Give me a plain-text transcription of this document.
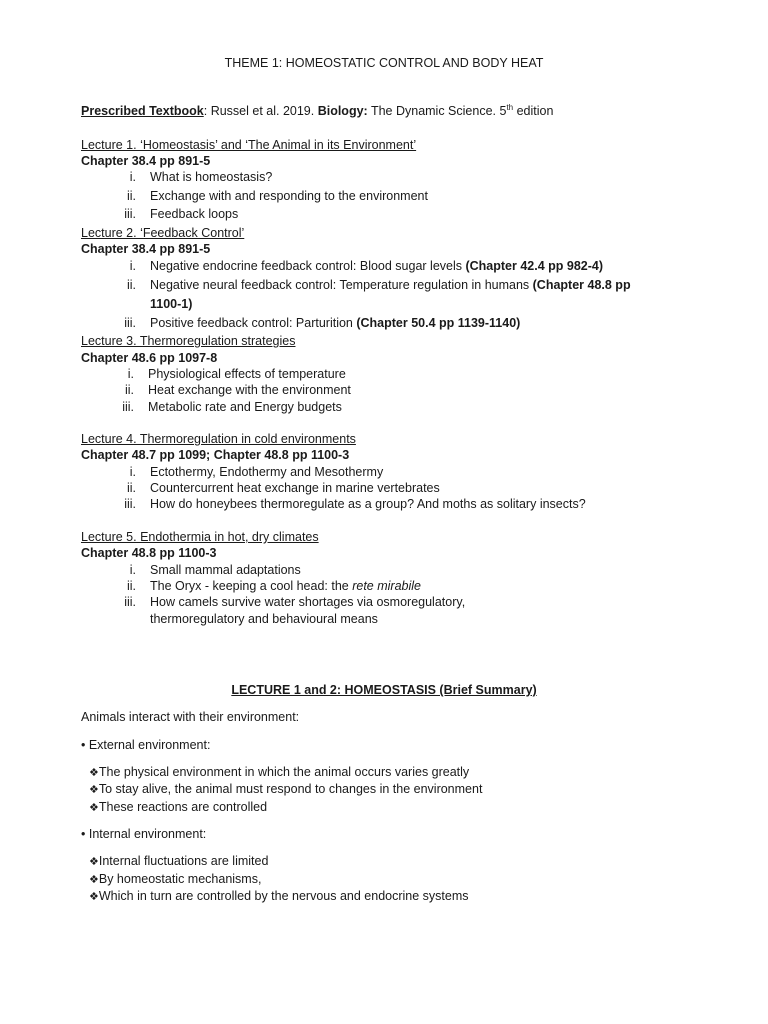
THEME 1: HOMEOSTATIC CONTROL AND BODY HEAT
Prescribed Textbook: Russel et al. 2019. Biology: The Dynamic Science. 5th edition
Lecture 1. ‘Homeostasis’ and ‘The Animal in its Environment’
Chapter 38.4 pp 891-5
i. What is homeostasis?
ii. Exchange with and responding to the environment
iii. Feedback loops
Lecture 2. ‘Feedback Control’
Chapter 38.4 pp 891-5
i. Negative endocrine feedback control: Blood sugar levels (Chapter 42.4 pp 982-4)
ii. Negative neural feedback control: Temperature regulation in humans (Chapter 48.8 pp
1100-1)
iii. Positive feedback control: Parturition (Chapter 50.4 pp 1139-1140)
Lecture 3. Thermoregulation strategies
Chapter 48.6 pp 1097-8
i. Physiological effects of temperature
ii. Heat exchange with the environment
iii. Metabolic rate and Energy budgets
Lecture 4. Thermoregulation in cold environments
Chapter 48.7 pp 1099; Chapter 48.8 pp 1100-3
i. Ectothermy, Endothermy and Mesothermy
ii. Countercurrent heat exchange in marine vertebrates
iii. How do honeybees thermoregulate as a group? And moths as solitary insects?
Lecture 5. Endothermia in hot, dry climates
Chapter 48.8 pp 1100-3
i. Small mammal adaptations
ii. The Oryx - keeping a cool head: the rete mirabile
iii. How camels survive water shortages via osmoregulatory,
thermoregulatory and behavioural means
LECTURE 1 and 2: HOMEOSTASIS (Brief Summary)
Animals interact with their environment:
• External environment:
❖The physical environment in which the animal occurs varies greatly
❖To stay alive, the animal must respond to changes in the environment
❖These reactions are controlled
• Internal environment:
❖Internal fluctuations are limited
❖By homeostatic mechanisms,
❖Which in turn are controlled by the nervous and endocrine systems
